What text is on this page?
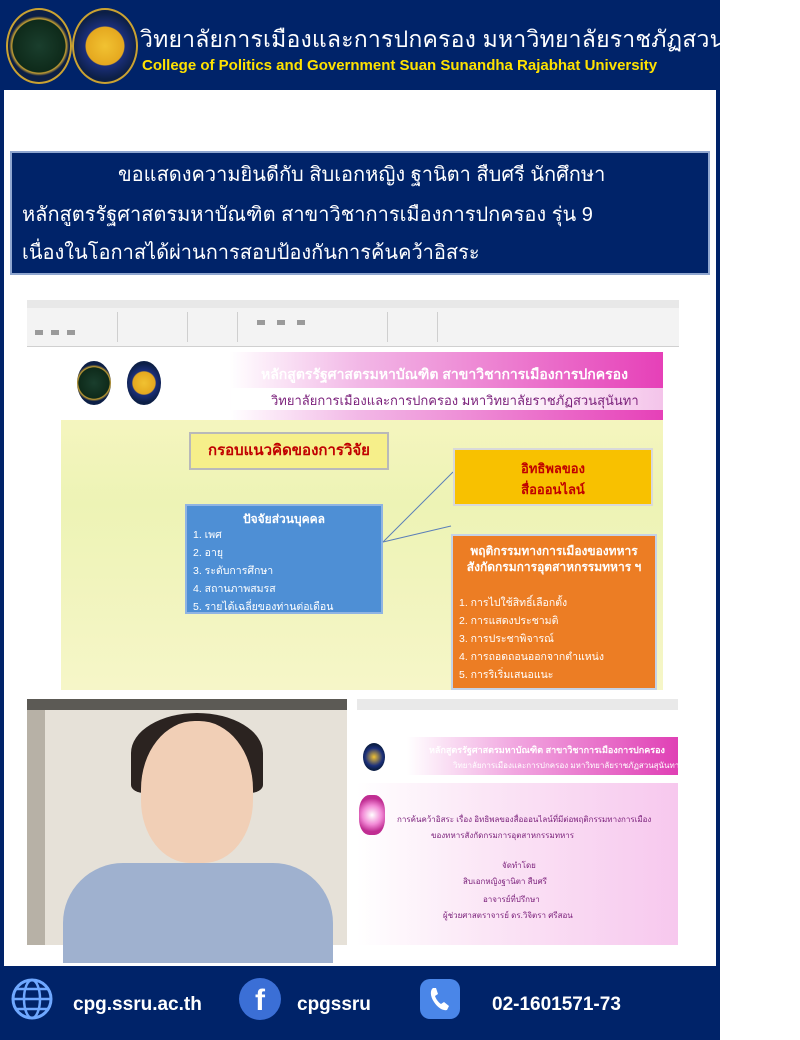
วิทยาลัยการเมืองและการปกครอง มหาวิทยาลัยราชภัฏสวนสุนันทา
College of Politics and Government Suan Sunandha Rajabhat University

ขอแสดงความยินดีกับ สิบเอกหญิง ฐานิตา สืบศรี นักศึกษา

หลักสูตรรัฐศาสตรมหาบัณฑิต สาขาวิชาการเมืองการปกครอง รุ่น 9

เนื่องในโอกาสได้ผ่านการสอบป้องกันการค้นคว้าอิสระ

หลักสูตรรัฐศาสตรมหาบัณฑิต สาขาวิชาการเมืองการปกครอง
วิทยาลัยการเมืองและการปกครอง มหาวิทยาลัยราชภัฏสวนสุนันทา
กรอบแนวคิดของการวิจัย
ปัจจัยส่วนบุคคล
1. เพศ
2. อายุ
3. ระดับการศึกษา
4. สถานภาพสมรส
5. รายได้เฉลี่ยของท่านต่อเดือน
อิทธิพลของ
สื่อออนไลน์
พฤติกรรมทางการเมืองของทหาร
สังกัดกรมการอุตสาหกรรมทหาร ฯ
1. การไปใช้สิทธิ์เลือกตั้ง
2. การแสดงประชามติ
3. การประชาพิจารณ์
4. การถอดถอนออกจากตำแหน่ง
5. การริเริ่มเสนอแนะ
หลักสูตรรัฐศาสตรมหาบัณฑิต สาขาวิชาการเมืองการปกครอง
วิทยาลัยการเมืองและการปกครอง มหาวิทยาลัยราชภัฏสวนสุนันทา
การค้นคว้าอิสระ เรื่อง อิทธิพลของสื่อออนไลน์ที่มีต่อพฤติกรรมทางการเมือง
ของทหารสังกัดกรมการอุตสาหกรรมทหาร
จัดทำโดย
สิบเอกหญิงฐานิตา สืบศรี
อาจารย์ที่ปรึกษา
ผู้ช่วยศาสตราจารย์ ดร.วิจิตรา ศรีสอน
cpg.ssru.ac.th f cpgssru	02-1601571-73
